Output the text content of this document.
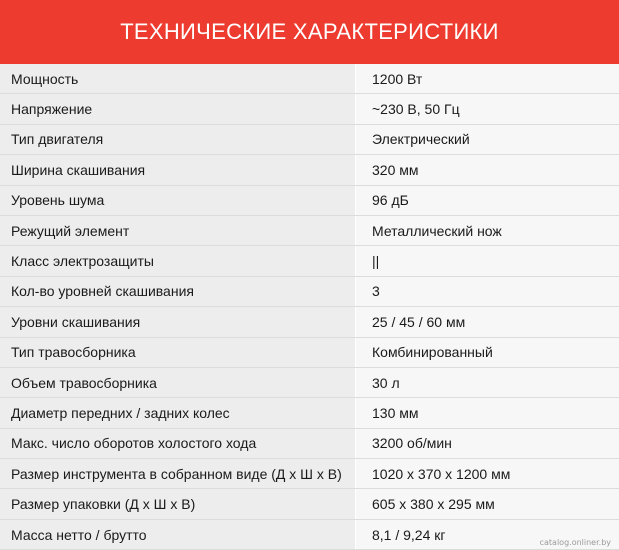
ТЕХНИЧЕСКИЕ ХАРАКТЕРИСТИКИ
Мощность	1200 Вт
Напряжение	~230 В, 50 Гц
Тип двигателя	Электрический
Ширина скашивания	320 мм
Уровень шума	96 дБ
Режущий элемент	Металлический нож
Класс электрозащиты	||
Кол-во уровней скашивания	3
Уровни скашивания	25 / 45 / 60 мм
Тип травосборника	Комбинированный
Объем травосборника	30 л
Диаметр передних / задних колес	130 мм
Макс. число оборотов холостого хода	3200 об/мин
Размер инструмента в собранном виде (Д x Ш x В)	1020 x 370 x 1200 мм
Размер упаковки (Д x Ш x В)	605 x 380 x 295 мм
Масса нетто / брутто	8,1 / 9,24 кг	catalog.onliner.by
